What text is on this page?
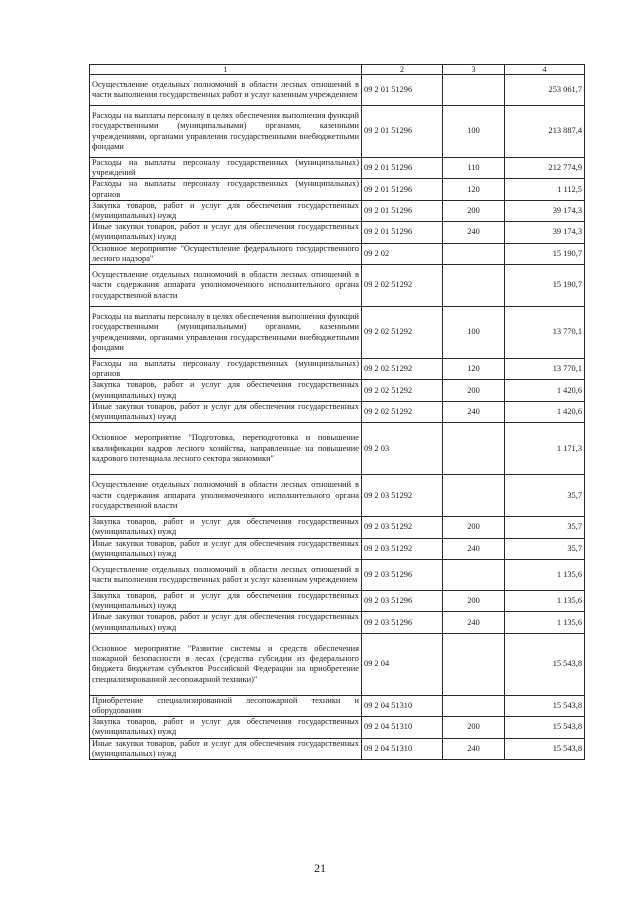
1	2	3	4
Осуществление отдельных полномочий в области лесных отношений в части выполнения государственных работ и услуг казенным учреждением	09 2 01 51296		253 061,7
Расходы на выплаты персоналу в целях обеспечения выполнения функций государственными (муниципальными) органами, казенными учреждениями, органами управления государственными внебюджетными фондами	09 2 01 51296	100	213 887,4
Расходы на выплаты персоналу государственных (муниципальных) учреждений	09 2 01 51296	110	212 774,9
Расходы на выплаты персоналу государственных (муниципальных) органов	09 2 01 51296	120	1 112,5
Закупка товаров, работ и услуг для обеспечения государственных (муниципальных) нужд	09 2 01 51296	200	39 174,3
Иные закупки товаров, работ и услуг для обеспечения государственных (муниципальных) нужд	09 2 01 51296	240	39 174,3
Основное мероприятие "Осуществление федерального государственного лесного надзора"	09 2 02		15 190,7
Осуществление отдельных полномочий в области лесных отношений в части содержания аппарата уполномоченного исполнительного органа государственной власти	09 2 02 51292		15 190,7
Расходы на выплаты персоналу в целях обеспечения выполнения функций государственными (муниципальными) органами, казенными учреждениями, органами управления государственными внебюджетными фондами	09 2 02 51292	100	13 770,1
Расходы на выплаты персоналу государственных (муниципальных) органов	09 2 02 51292	120	13 770,1
Закупка товаров, работ и услуг для обеспечения государственных (муниципальных) нужд	09 2 02 51292	200	1 420,6
Иные закупки товаров, работ и услуг для обеспечения государственных (муниципальных) нужд	09 2 02 51292	240	1 420,6
Основное мероприятие "Подготовка, переподготовка и повышение квалификации кадров лесного хозяйства, направленные на повышение кадрового потенциала лесного сектора экономики"	09 2 03		1 171,3
Осуществление отдельных полномочий в области лесных отношений в части содержания аппарата уполномоченного исполнительного органа государственной власти	09 2 03 51292		35,7
Закупка товаров, работ и услуг для обеспечения государственных (муниципальных) нужд	09 2 03 51292	200	35,7
Иные закупки товаров, работ и услуг для обеспечения государственных (муниципальных) нужд	09 2 03 51292	240	35,7
Осуществление отдельных полномочий в области лесных отношений в части выполнения государственных работ и услуг казенным учреждением	09 2 03 51296		1 135,6
Закупка товаров, работ и услуг для обеспечения государственных (муниципальных) нужд	09 2 03 51296	200	1 135,6
Иные закупки товаров, работ и услуг для обеспечения государственных (муниципальных) нужд	09 2 03 51296	240	1 135,6
Основное мероприятие "Развитие системы и средств обеспечения пожарной безопасности в лесах (средства субсидии из федерального бюджета бюджетам субъектов Российской Федерации на приобретение специализированной лесопожарной техники)"	09 2 04		15 543,8
Приобретение специализированной лесопожарной техники и оборудования	09 2 04 51310		15 543,8
Закупка товаров, работ и услуг для обеспечения государственных (муниципальных) нужд	09 2 04 51310	200	15 543,8
Иные закупки товаров, работ и услуг для обеспечения государственных (муниципальных) нужд	09 2 04 51310	240	15 543,8
21
